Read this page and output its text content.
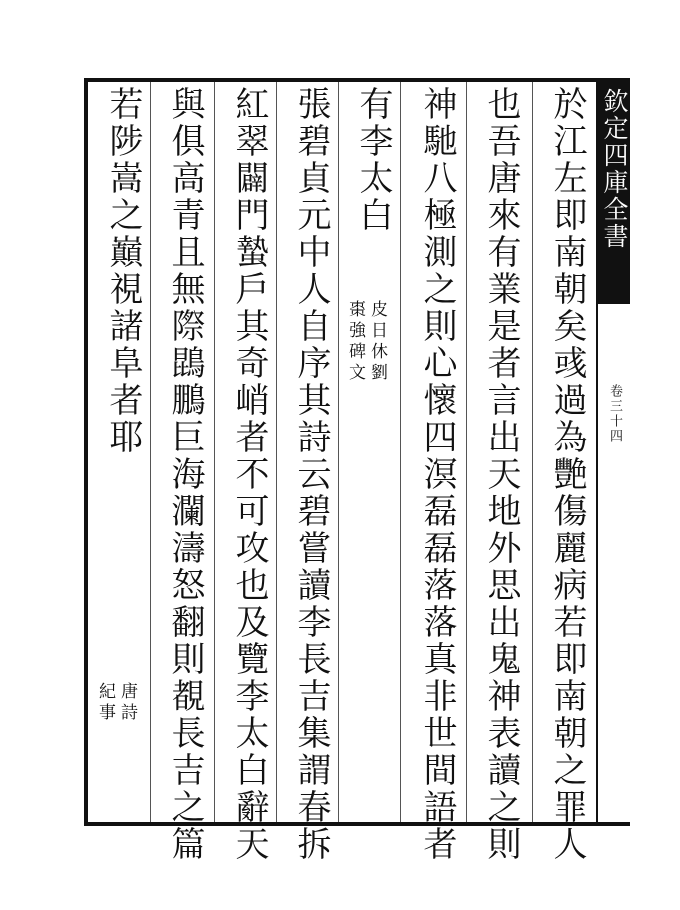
欽定四庫全書
卷三十四
於江左即南朝矣彧過為艷傷麗病若即南朝之罪人
也吾唐來有業是者言出天地外思出鬼神表讀之則
神馳八極測之則心懷四溟磊磊落落真非世間語者
有李太白
皮日休劉
棗強碑文
張碧貞元中人自序其詩云碧嘗讀李長吉集謂春拆
紅翠闢門蟄戶其奇峭者不可攻也及覽李太白辭天
與俱高青且無際鵾鵬巨海瀾濤怒翻則覩長吉之篇
若陟嵩之巔視諸阜者耶
唐詩
紀事
